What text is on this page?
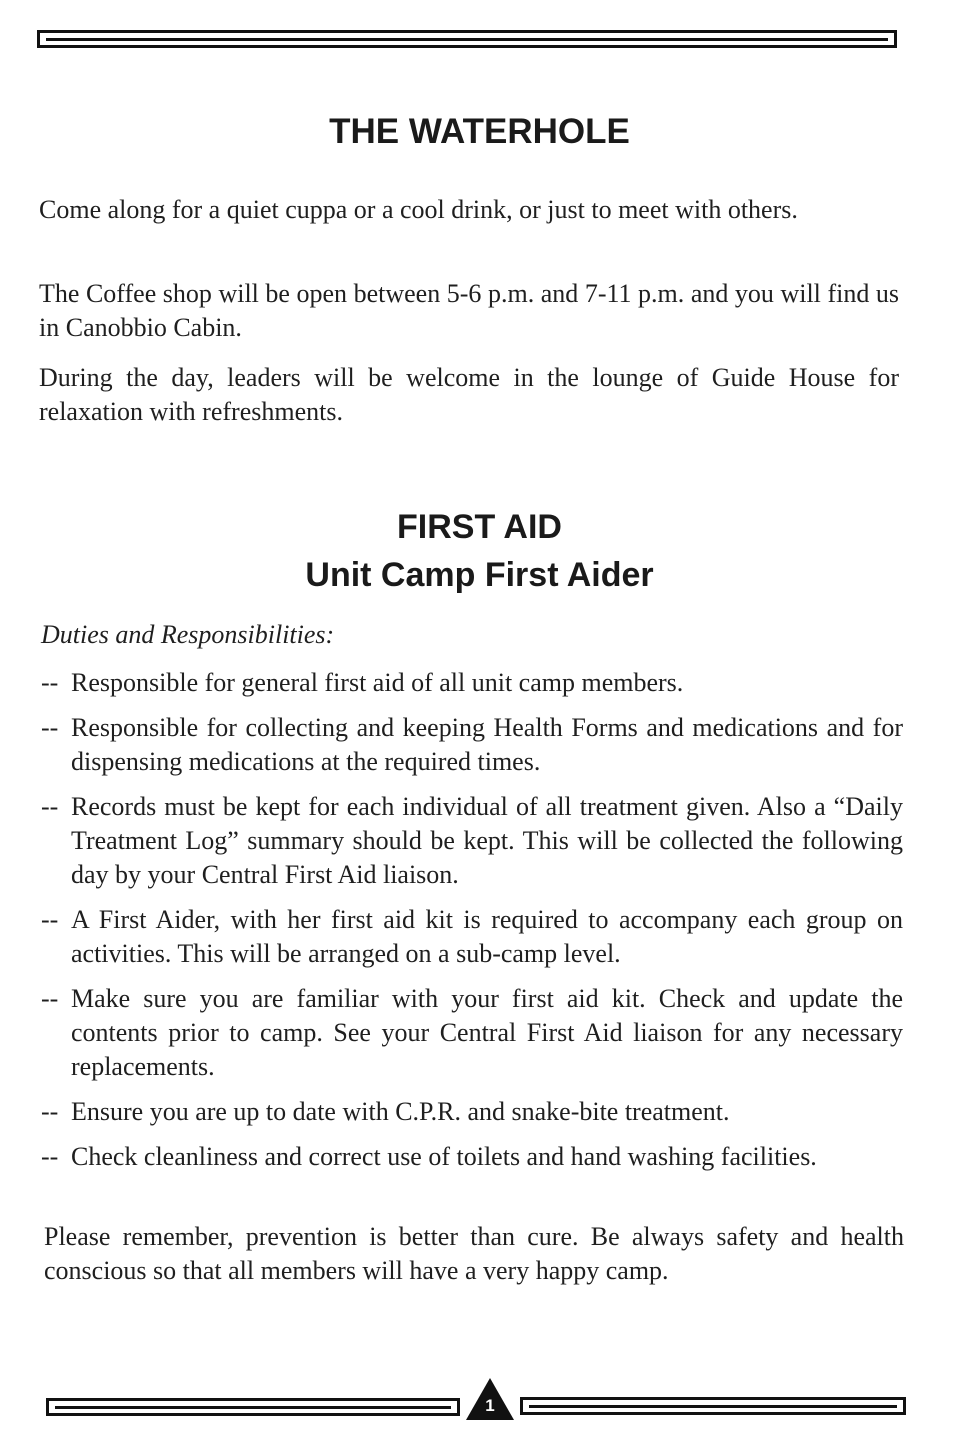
THE WATERHOLE

Come along for a quiet cuppa or a cool drink, or just to meet with others.

The Coffee shop will be open between 5-6 p.m. and 7-11 p.m. and you will find us in Canobbio Cabin.

During the day, leaders will be welcome in the lounge of Guide House for relaxation with refreshments.

FIRST AID
Unit Camp First Aider

Duties and Responsibilities:

-- Responsible for general first aid of all unit camp members.
-- Responsible for collecting and keeping Health Forms and medications and for dispensing medications at the required times.
-- Records must be kept for each individual of all treatment given. Also a “Daily Treatment Log” summary should be kept. This will be collected the following day by your Central First Aid liaison.
-- A First Aider, with her first aid kit is required to accompany each group on activities. This will be arranged on a sub-camp level.
-- Make sure you are familiar with your first aid kit. Check and update the contents prior to camp. See your Central First Aid liaison for any necessary replacements.
-- Ensure you are up to date with C.P.R. and snake-bite treatment.
-- Check cleanliness and correct use of toilets and hand washing facilities.

Please remember, prevention is better than cure. Be always safety and health conscious so that all members will have a very happy camp.

1
